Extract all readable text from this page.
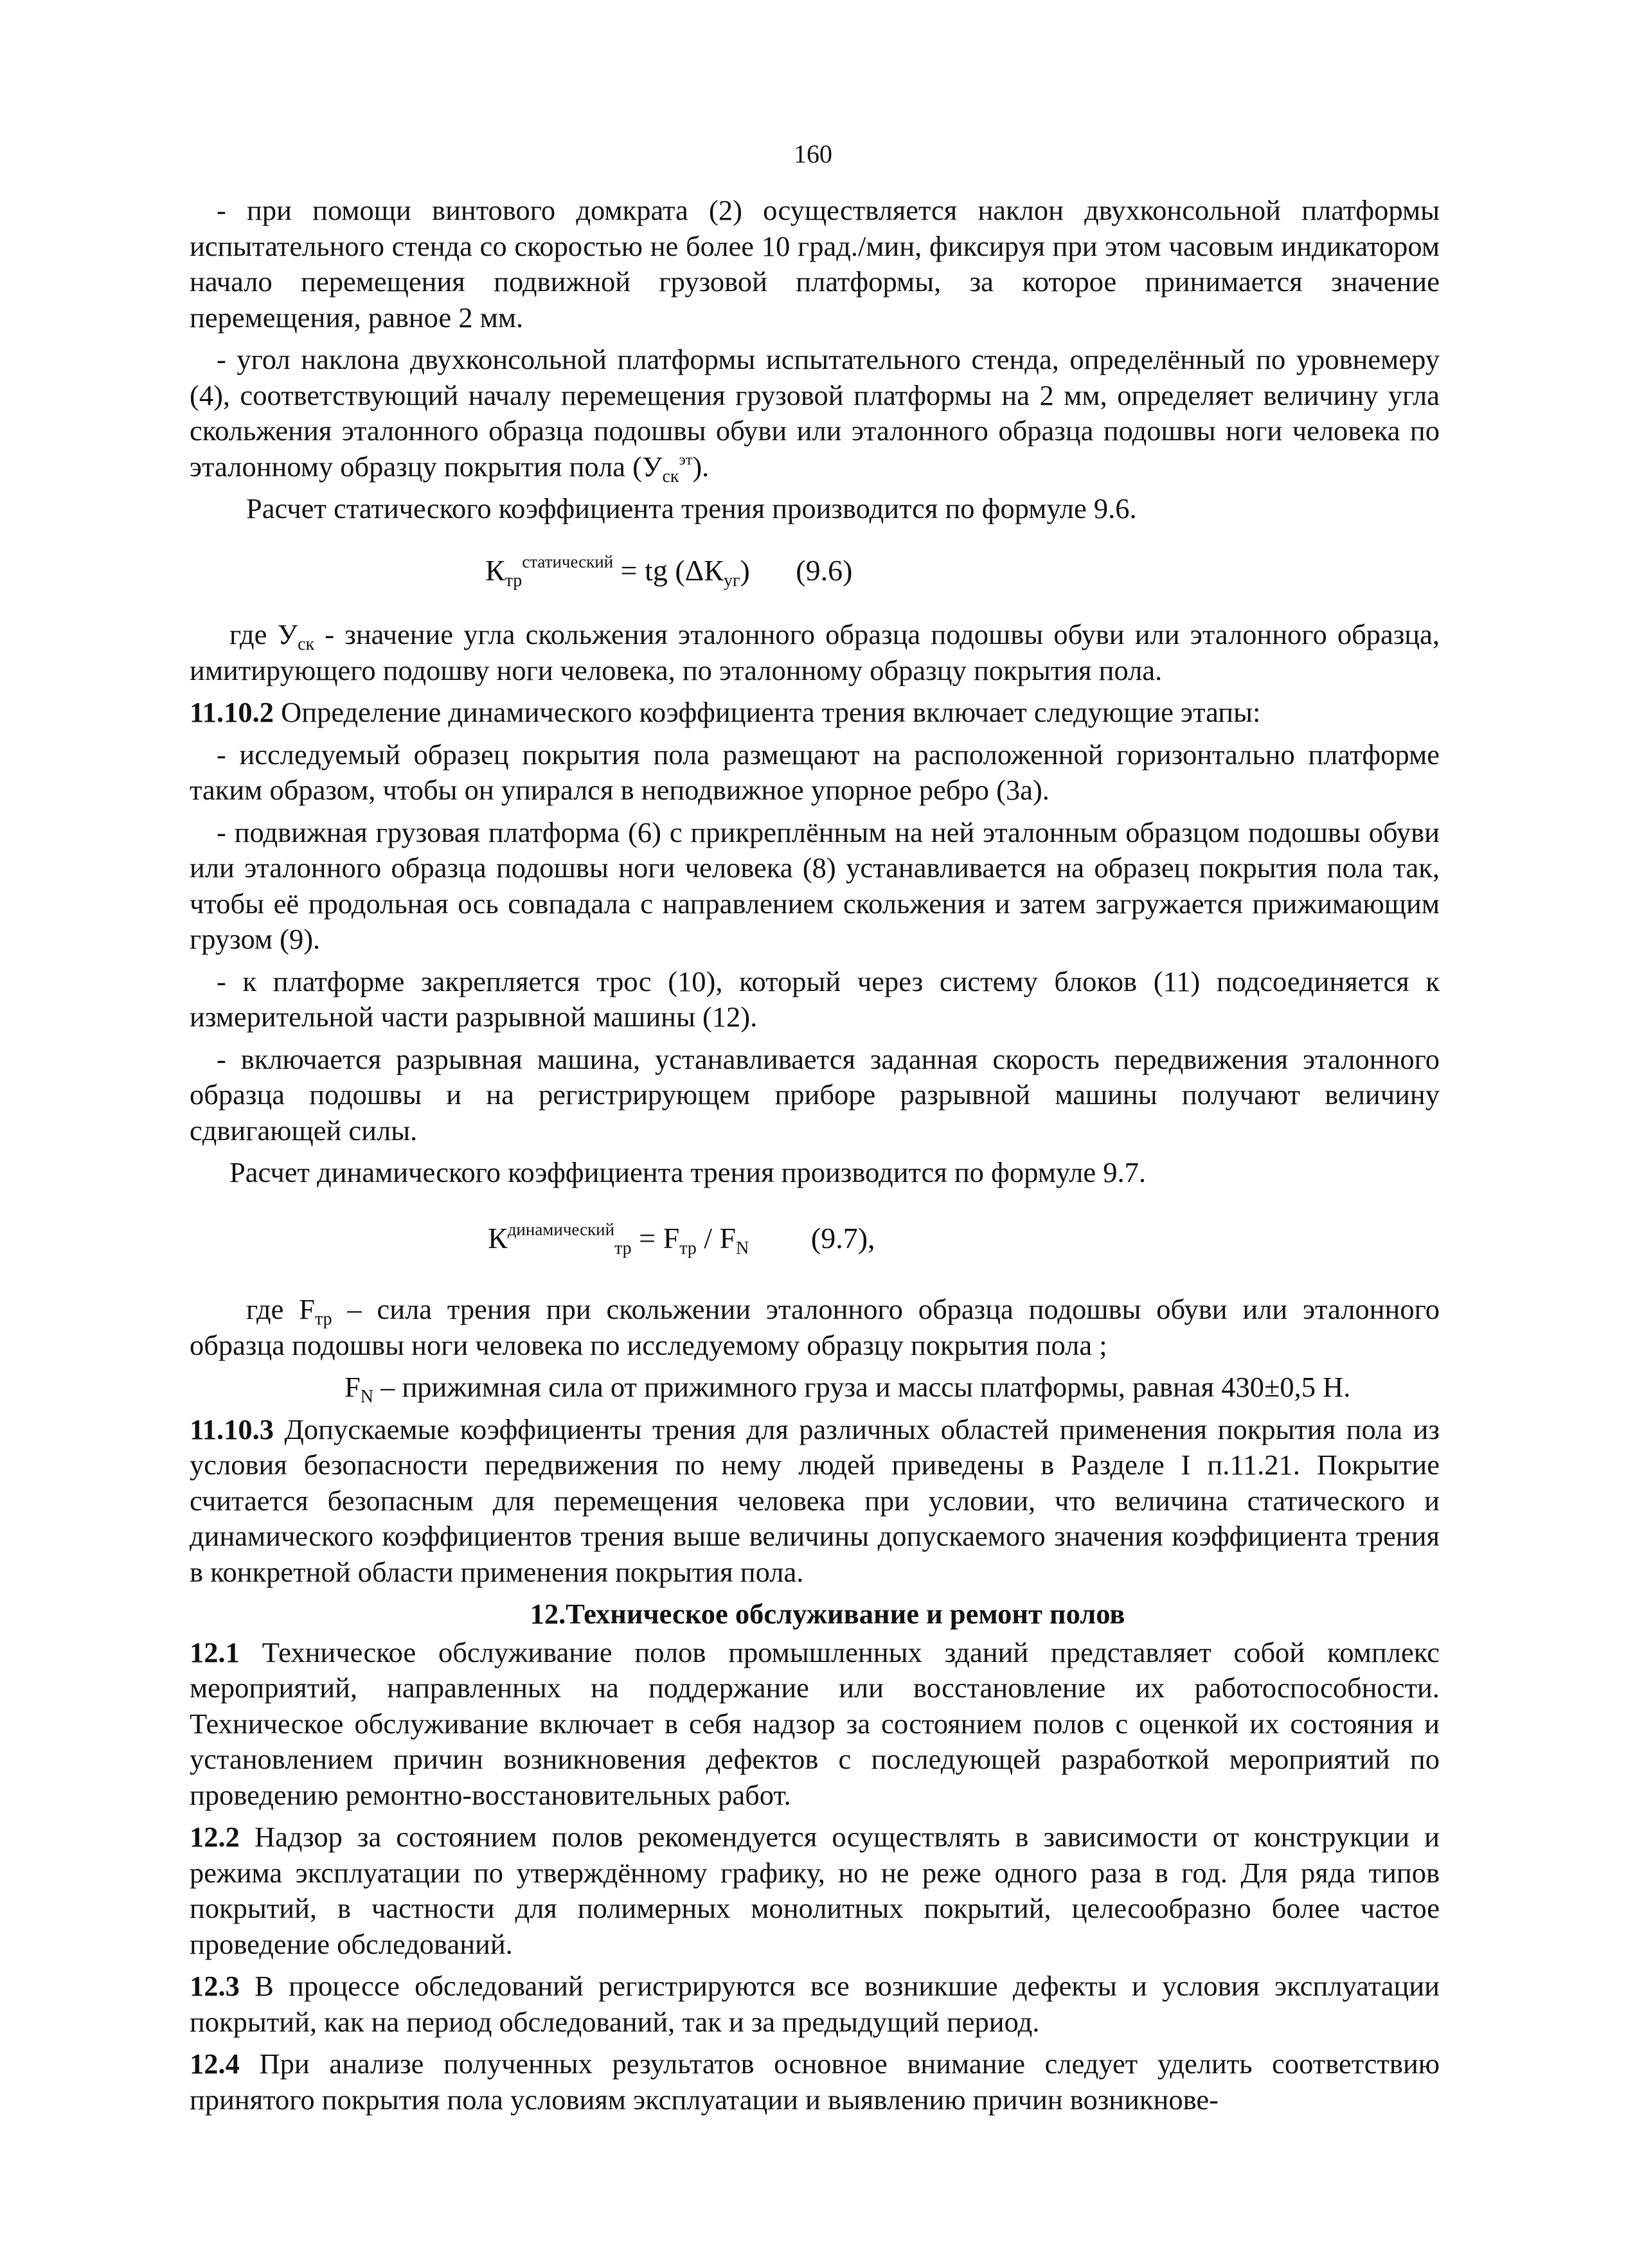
160

- при помощи винтового домкрата (2) осуществляется наклон двухконсольной платформы испытательного стенда со скоростью не более 10 град./мин, фиксируя при этом часовым индикатором начало перемещения подвижной грузовой платформы, за которое принимается значение перемещения, равное 2 мм.

- угол наклона двухконсольной платформы испытательного стенда, определённый по уровнемеру (4), соответствующий началу перемещения грузовой платформы на 2 мм, определяет величину угла скольжения эталонного образца подошвы обуви или эталонного образца подошвы ноги человека по эталонному образцу покрытия пола $(У_{ск}^{эт})$.

Расчет статического коэффициента трения производится по формуле 9.6.

$К_{тр}^{статический}$ = tg $(\Delta К_{уг})$ (9.6)

где $У_{ск}$ - значение угла скольжения эталонного образца подошвы обуви или эталонного образца, имитирующего подошву ноги человека, по эталонному образцу покрытия пола.

11.10.2 Определение динамического коэффициента трения включает следующие этапы:

- исследуемый образец покрытия пола размещают на расположенной горизонтально платформе таким образом, чтобы он упирался в неподвижное упорное ребро (3а).

- подвижная грузовая платформа (6) с прикреплённым на ней эталонным образцом подошвы обуви или эталонного образца подошвы ноги человека (8) устанавливается на образец покрытия пола так, чтобы её продольная ось совпадала с направлением скольжения и затем загружается прижимающим грузом (9).

- к платформе закрепляется трос (10), который через систему блоков (11) подсоединяется к измерительной части разрывной машины (12).

- включается разрывная машина, устанавливается заданная скорость передвижения эталонного образца подошвы и на регистрирующем приборе разрывной машины получают величину сдвигающей силы.

Расчет динамического коэффициента трения производится по формуле 9.7.

$К^{динамический}_{тр} = F_{тр} / F_N$ (9.7),

где $F_{тр}$ – сила трения при скольжении эталонного образца подошвы обуви или эталонного образца подошвы ноги человека по исследуемому образцу покрытия пола ;

$F_N$ – прижимная сила от прижимного груза и массы платформы, равная 430±0,5 Н.

11.10.3 Допускаемые коэффициенты трения для различных областей применения покрытия пола из условия безопасности передвижения по нему людей приведены в Разделе I п.11.21. Покрытие считается безопасным для перемещения человека при условии, что величина статического и динамического коэффициентов трения выше величины допускаемого значения коэффициента трения в конкретной области применения покрытия пола.

12.Техническое обслуживание и ремонт полов

12.1 Техническое обслуживание полов промышленных зданий представляет собой комплекс мероприятий, направленных на поддержание или восстановление их работоспособности. Техническое обслуживание включает в себя надзор за состоянием полов с оценкой их состояния и установлением причин возникновения дефектов с последующей разработкой мероприятий по проведению ремонтно-восстановительных работ.

12.2 Надзор за состоянием полов рекомендуется осуществлять в зависимости от конструкции и режима эксплуатации по утверждённому графику, но не реже одного раза в год. Для ряда типов покрытий, в частности для полимерных монолитных покрытий, целесообразно более частое проведение обследований.

12.3 В процессе обследований регистрируются все возникшие дефекты и условия эксплуатации покрытий, как на период обследований, так и за предыдущий период.

12.4 При анализе полученных результатов основное внимание следует уделить соответствию принятого покрытия пола условиям эксплуатации и выявлению причин возникнове-
